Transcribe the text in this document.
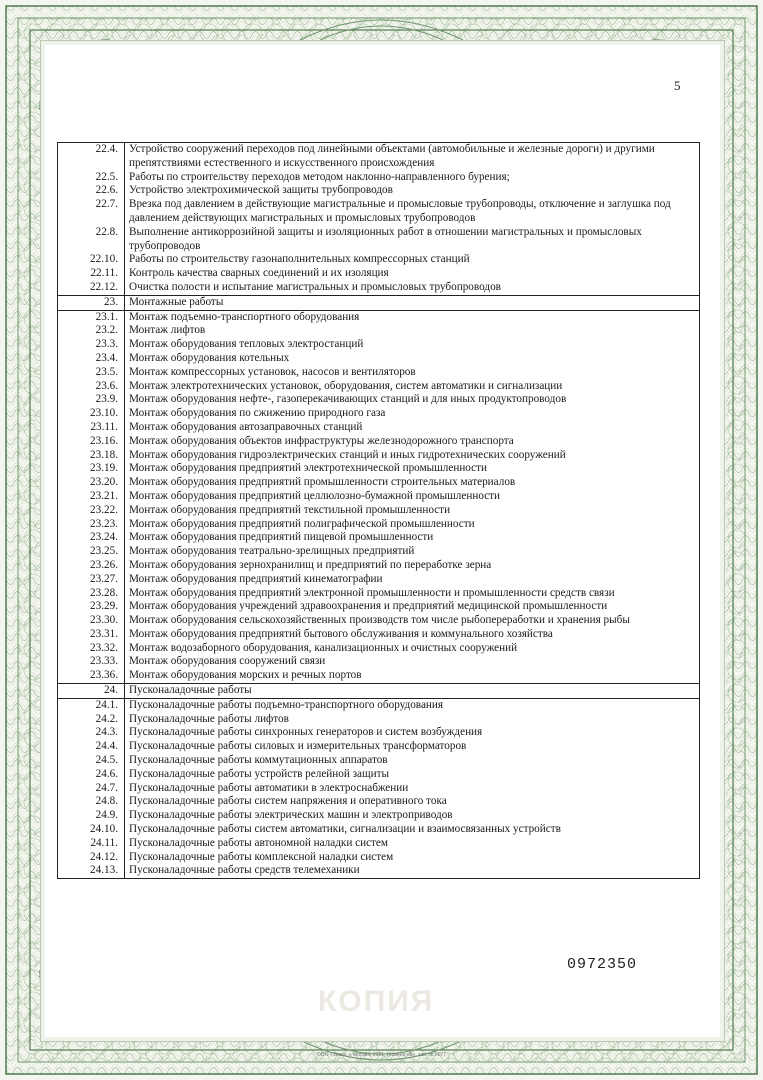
5
22.4.	Устройство сооружений переходов под линейными объектами (автомобильные и железные дороги) и другими препятствиями естественного и искусственного происхождения
22.5.	Работы по строительству переходов методом наклонно-направленного бурения;
22.6.	Устройство электрохимической защиты трубопроводов
22.7.	Врезка под давлением в действующие магистральные и промысловые трубопроводы, отключение и заглушка под давлением действующих магистральных и промысловых трубопроводов
22.8.	Выполнение антикоррозийной защиты и изоляционных работ в отношении магистральных и промысловых трубопроводов
22.10.	Работы по строительству газонаполнительных компрессорных станций
22.11.	Контроль качества сварных соединений и их изоляция
22.12.	Очистка полости и испытание магистральных и промысловых трубопроводов
23.	Монтажные работы
23.1.	Монтаж подъемно-транспортного оборудования
23.2.	Монтаж лифтов
23.3.	Монтаж оборудования тепловых электростанций
23.4.	Монтаж оборудования котельных
23.5.	Монтаж компрессорных установок, насосов и вентиляторов
23.6.	Монтаж электротехнических установок, оборудования, систем автоматики и сигнализации
23.9.	Монтаж оборудования нефте-, газоперекачивающих станций и для иных продуктопроводов
23.10.	Монтаж оборудования по сжижению природного газа
23.11.	Монтаж оборудования автозаправочных станций
23.16.	Монтаж оборудования объектов инфраструктуры железнодорожного транспорта
23.18.	Монтаж оборудования гидроэлектрических станций и иных гидротехнических сооружений
23.19.	Монтаж оборудования предприятий электротехнической промышленности
23.20.	Монтаж оборудования предприятий промышленности строительных материалов
23.21.	Монтаж оборудования предприятий целлюлозно-бумажной промышленности
23.22.	Монтаж оборудования предприятий текстильной промышленности
23.23.	Монтаж оборудования предприятий полиграфической промышленности
23.24.	Монтаж оборудования предприятий пищевой промышленности
23.25.	Монтаж оборудования театрально-зрелищных предприятий
23.26.	Монтаж оборудования зернохранилищ и предприятий по переработке зерна
23.27.	Монтаж оборудования предприятий кинематографии
23.28.	Монтаж оборудования предприятий электронной промышленности и промышленности средств связи
23.29.	Монтаж оборудования учреждений здравоохранения и предприятий медицинской промышленности
23.30.	Монтаж оборудования сельскохозяйственных производств том числе рыбопереработки и хранения рыбы
23.31.	Монтаж оборудования предприятий бытового обслуживания и коммунального хозяйства
23.32.	Монтаж водозаборного оборудования, канализационных и очистных сооружений
23.33.	Монтаж оборудования сооружений связи
23.36.	Монтаж оборудования морских и речных портов
24.	Пусконаладочные работы
24.1.	Пусконаладочные работы подъемно-транспортного оборудования
24.2.	Пусконаладочные работы лифтов
24.3.	Пусконаладочные работы синхронных генераторов и систем возбуждения
24.4.	Пусконаладочные работы силовых и измерительных трансформаторов
24.5.	Пусконаладочные работы коммутационных аппаратов
24.6.	Пусконаладочные работы устройств релейной защиты
24.7.	Пусконаладочные работы автоматики в электроснабжении
24.8.	Пусконаладочные работы систем напряжения и оперативного тока
24.9.	Пусконаладочные работы электрических машин и электроприводов
24.10.	Пусконаладочные работы систем автоматики, сигнализации и взаимосвязанных устройств
24.11.	Пусконаладочные работы автономной наладки систем
24.12.	Пусконаладочные работы комплексной наладки систем
24.13.	Пусконаладочные работы средств телемеханики
КОПИЯ
0972350
ООО «Знак», г. Москва, 2011, уровень «Б», зак. № 6077
